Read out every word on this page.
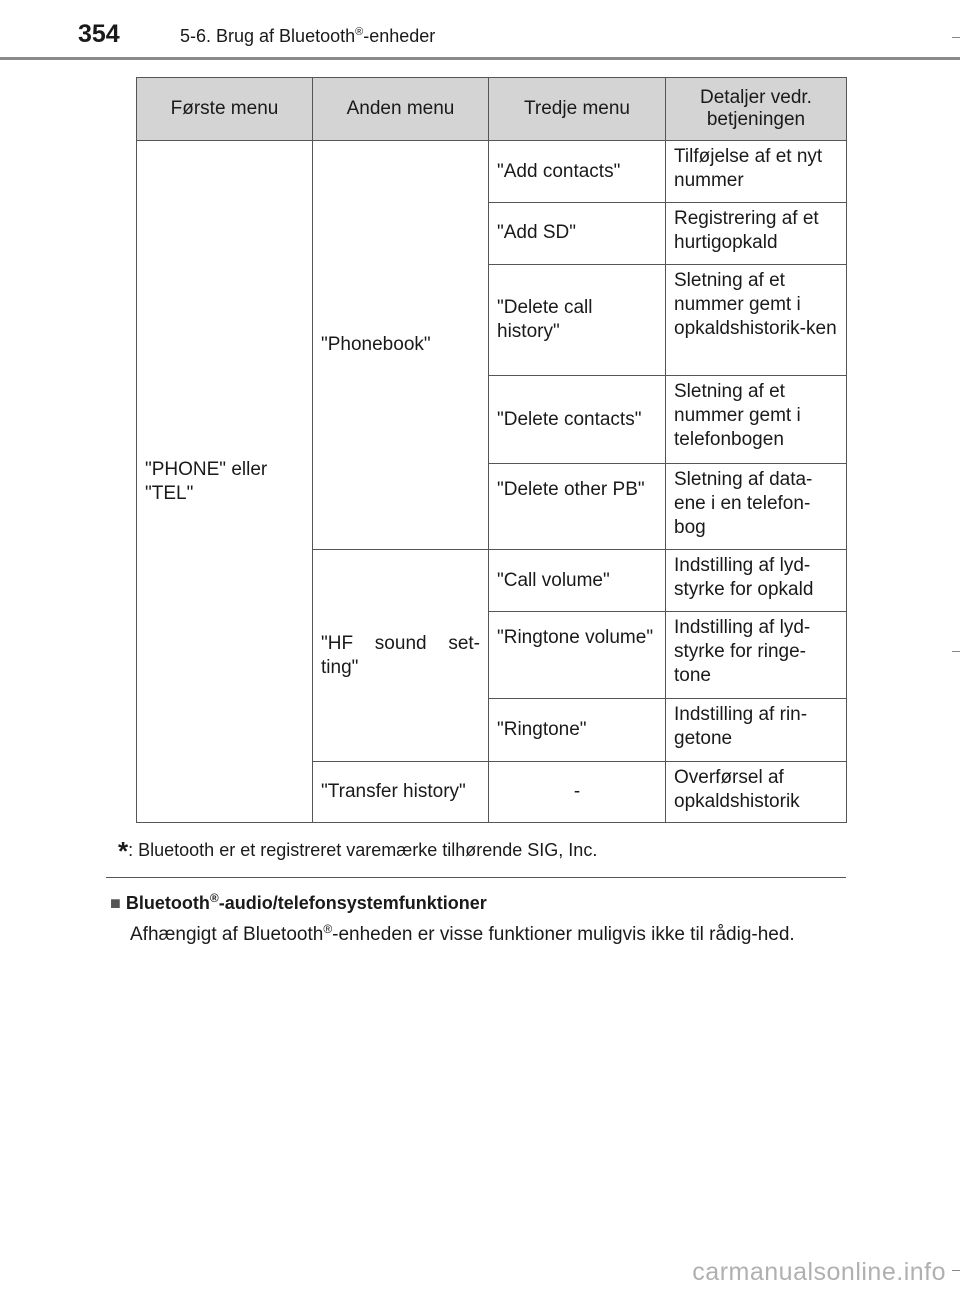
354	5-6. Brug af Bluetooth®-enheder
Første menu	Anden menu	Tredje menu	Detaljer vedr. betjeningen
"PHONE" eller "TEL"	"Phonebook"	"Add contacts"	Tilføjelse af et nyt nummer
		"Add SD"	Registrering af et hurtigopkald
		"Delete call history"	Sletning af et nummer gemt i opkaldshistorik-ken
		"Delete contacts"	Sletning af et nummer gemt i telefonbogen
		"Delete other PB"	Sletning af data-ene i en telefon-bog

	"HF sound set-ting"	"Call volume"	Indstilling af lyd-styrke for opkald
		"Ringtone volume"	Indstilling af lyd-styrke for ringe-tone
		"Ringtone"	Indstilling af rin-getone
	"Transfer history"	-	Overførsel af opkaldshistorik
*: Bluetooth er et registreret varemærke tilhørende SIG, Inc.
■ Bluetooth®-audio/telefonsystemfunktioner
Afhængigt af Bluetooth®-enheden er visse funktioner muligvis ikke til rådig-hed.
carmanualsonline.info
